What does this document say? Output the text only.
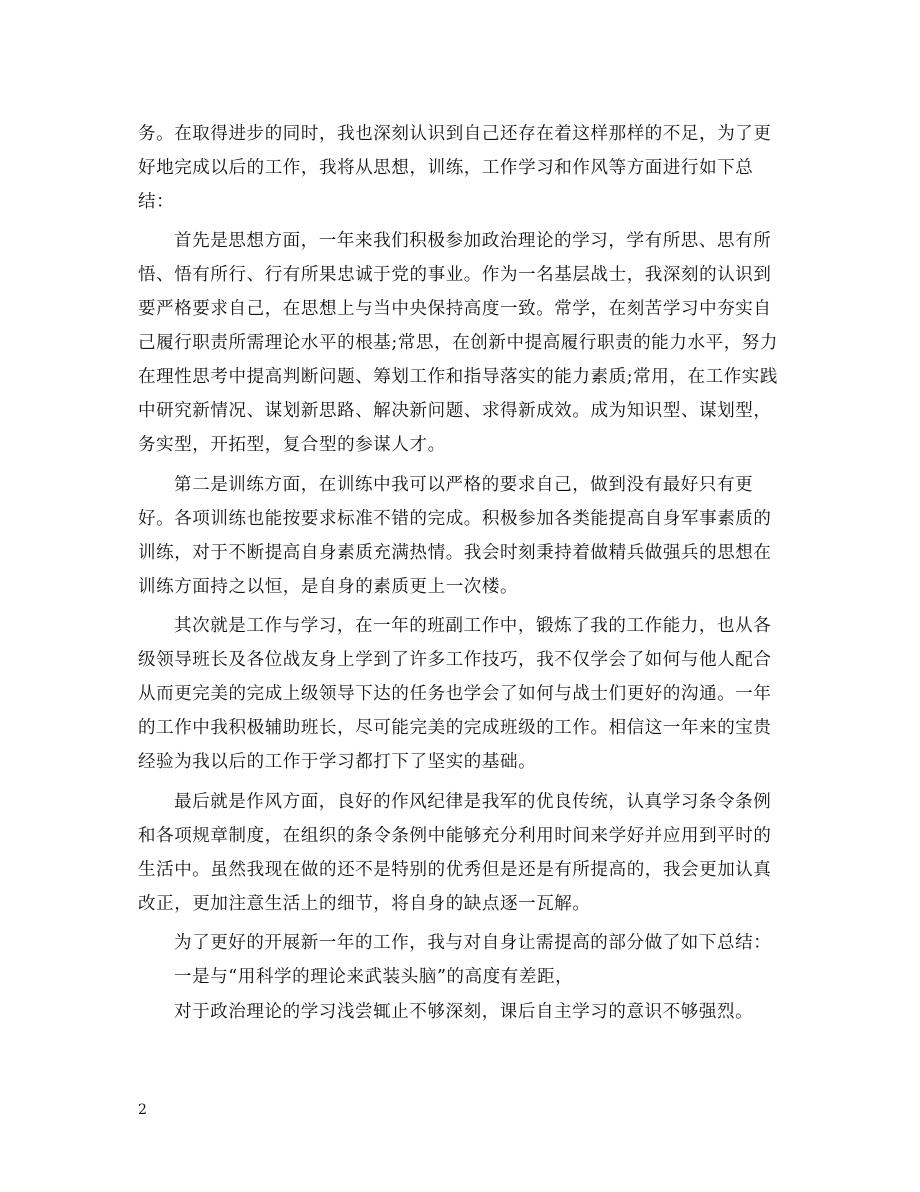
务。在取得进步的同时，我也深刻认识到自己还存在着这样那样的不足，为了更
好地完成以后的工作，我将从思想，训练，工作学习和作风等方面进行如下总
结：
首先是思想方面，一年来我们积极参加政治理论的学习，学有所思、思有所
悟、悟有所行、行有所果忠诚于党的事业。作为一名基层战士，我深刻的认识到
要严格要求自己，在思想上与当中央保持高度一致。常学，在刻苦学习中夯实自
己履行职责所需理论水平的根基;常思，在创新中提高履行职责的能力水平，努力
在理性思考中提高判断问题、筹划工作和指导落实的能力素质;常用，在工作实践
中研究新情况、谋划新思路、解决新问题、求得新成效。成为知识型、谋划型，
务实型，开拓型，复合型的参谋人才。
第二是训练方面，在训练中我可以严格的要求自己，做到没有最好只有更
好。各项训练也能按要求标准不错的完成。积极参加各类能提高自身军事素质的
训练，对于不断提高自身素质充满热情。我会时刻秉持着做精兵做强兵的思想在
训练方面持之以恒，是自身的素质更上一次楼。
其次就是工作与学习，在一年的班副工作中，锻炼了我的工作能力，也从各
级领导班长及各位战友身上学到了许多工作技巧，我不仅学会了如何与他人配合
从而更完美的完成上级领导下达的任务也学会了如何与战士们更好的沟通。一年
的工作中我积极辅助班长，尽可能完美的完成班级的工作。相信这一年来的宝贵
经验为我以后的工作于学习都打下了坚实的基础。
最后就是作风方面，良好的作风纪律是我军的优良传统，认真学习条令条例
和各项规章制度，在组织的条令条例中能够充分利用时间来学好并应用到平时的
生活中。虽然我现在做的还不是特别的优秀但是还是有所提高的，我会更加认真
改正，更加注意生活上的细节，将自身的缺点逐一瓦解。
为了更好的开展新一年的工作，我与对自身让需提高的部分做了如下总结：
一是与“用科学的理论来武装头脑”的高度有差距，
对于政治理论的学习浅尝辄止不够深刻，课后自主学习的意识不够强烈。
2
